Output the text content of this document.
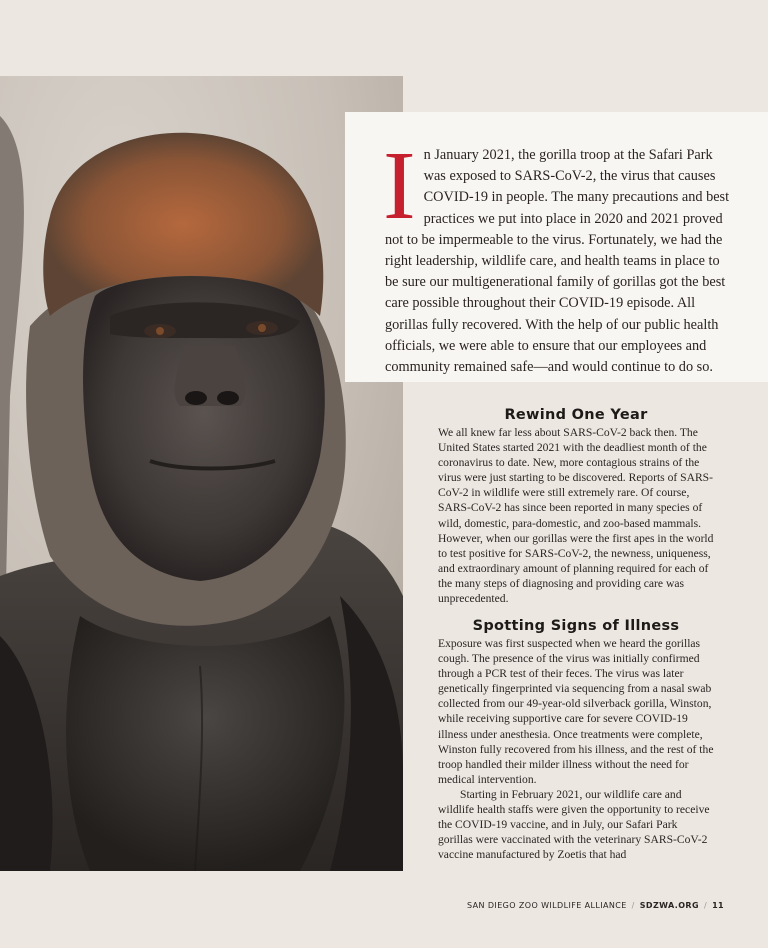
In January 2021, the gorilla troop at the Safari Park was exposed to SARS-CoV-2, the virus that causes COVID-19 in people. The many precautions and best practices we put into place in 2020 and 2021 proved not to be impermeable to the virus. Fortunately, we had the right leadership, wildlife care, and health teams in place to be sure our multigenerational family of gorillas got the best care possible throughout their COVID-19 episode. All gorillas fully recovered. With the help of our public health officials, we were able to ensure that our employees and community remained safe—and would continue to do so.

Rewind One Year

We all knew far less about SARS-CoV-2 back then. The United States started 2021 with the deadliest month of the coronavirus to date. New, more contagious strains of the virus were just starting to be discovered. Reports of SARS-CoV-2 in wildlife were still extremely rare. Of course, SARS-CoV-2 has since been reported in many species of wild, domestic, para-domestic, and zoo-based mammals. However, when our gorillas were the first apes in the world to test positive for SARS-CoV-2, the newness, uniqueness, and extraordinary amount of planning required for each of the many steps of diagnosing and providing care was unprecedented.

Spotting Signs of Illness

Exposure was first suspected when we heard the gorillas cough. The presence of the virus was initially confirmed through a PCR test of their feces. The virus was later genetically fingerprinted via sequencing from a nasal swab collected from our 49-year-old silverback gorilla, Winston, while receiving supportive care for severe COVID-19 illness under anesthesia. Once treatments were complete, Winston fully recovered from his illness, and the rest of the troop handled their milder illness without the need for medical intervention.

Starting in February 2021, our wildlife care and wildlife health staffs were given the opportunity to receive the COVID-19 vaccine, and in July, our Safari Park gorillas were vaccinated with the veterinary SARS-CoV-2 vaccine manufactured by Zoetis that had

SAN DIEGO ZOO WILDLIFE ALLIANCE / SDZWA.ORG / 11
